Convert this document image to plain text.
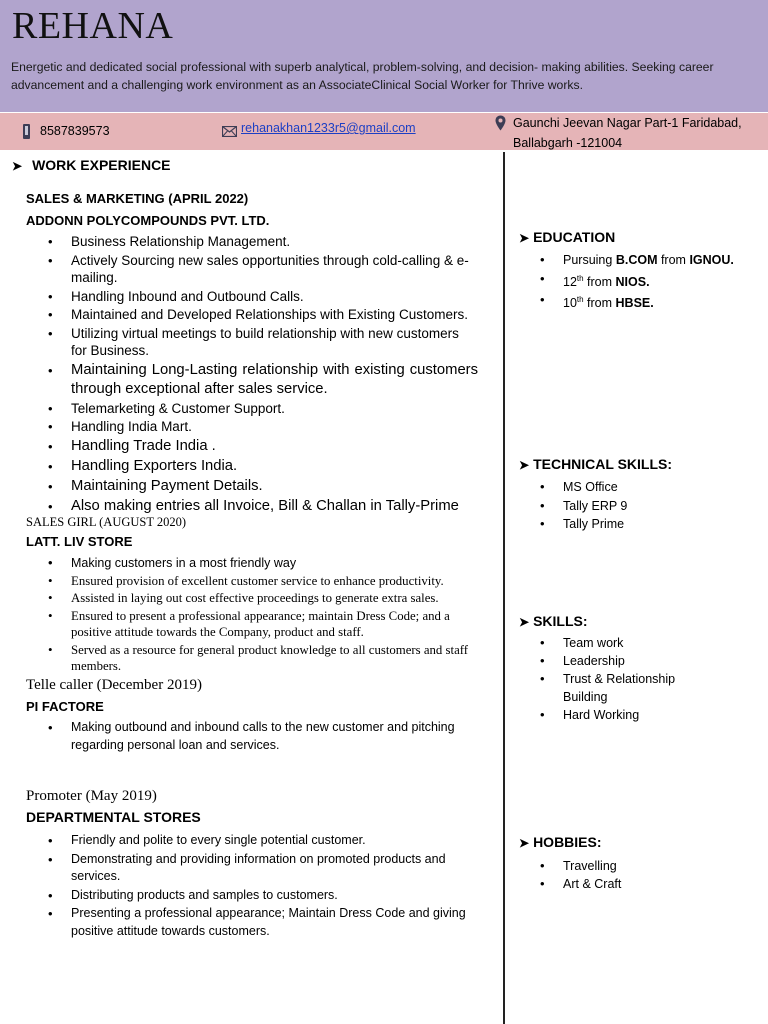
REHANA
Energetic and dedicated social professional with superb analytical, problem-solving, and decision- making abilities. Seeking career advancement and a challenging work environment as an AssociateClinical Social Worker for Thrive works.
8587839573	rehanakhan1233r5@gmail.com	Gaunchi Jeevan Nagar Part-1 Faridabad, Ballabgarh -121004
➤ WORK EXPERIENCE
SALES & MARKETING (APRIL 2022)
ADDONN POLYCOMPOUNDS PVT. LTD.
• Business Relationship Management.
• Actively Sourcing new sales opportunities through cold-calling & e-mailing.
• Handling Inbound and Outbound Calls.
• Maintained and Developed Relationships with Existing Customers.
• Utilizing virtual meetings to build relationship with new customers for Business.
• Maintaining Long-Lasting relationship with existing customers through exceptional after sales service.
• Telemarketing & Customer Support.
• Handling India Mart.
• Handling Trade India .
• Handling Exporters India.
• Maintaining Payment Details.
• Also making entries all Invoice, Bill & Challan in Tally-Prime
SALES GIRL (AUGUST 2020)
LATT. LIV STORE
• Making customers in a most friendly way
• Ensured provision of excellent customer service to enhance productivity.
• Assisted in laying out cost effective proceedings to generate extra sales.
• Ensured to present a professional appearance; maintain Dress Code; and a positive attitude towards the Company, product and staff.
• Served as a resource for general product knowledge to all customers and staff members.
Telle caller (December 2019)
PI FACTORE
• Making outbound and inbound calls to the new customer and pitching regarding personal loan and services.
Promoter (May 2019)
DEPARTMENTAL STORES
• Friendly and polite to every single potential customer.
• Demonstrating and providing information on promoted products and services.
• Distributing products and samples to customers.
• Presenting a professional appearance; Maintain Dress Code and giving positive attitude towards customers.
➤ EDUCATION
• Pursuing B.COM from IGNOU.
• 12th from NIOS.
• 10th from HBSE.
➤ TECHNICAL SKILLS:
• MS Office
• Tally ERP 9
• Tally Prime
➤ SKILLS:
• Team work
• Leadership
• Trust & Relationship Building
• Hard Working
➤ HOBBIES:
• Travelling
• Art & Craft
